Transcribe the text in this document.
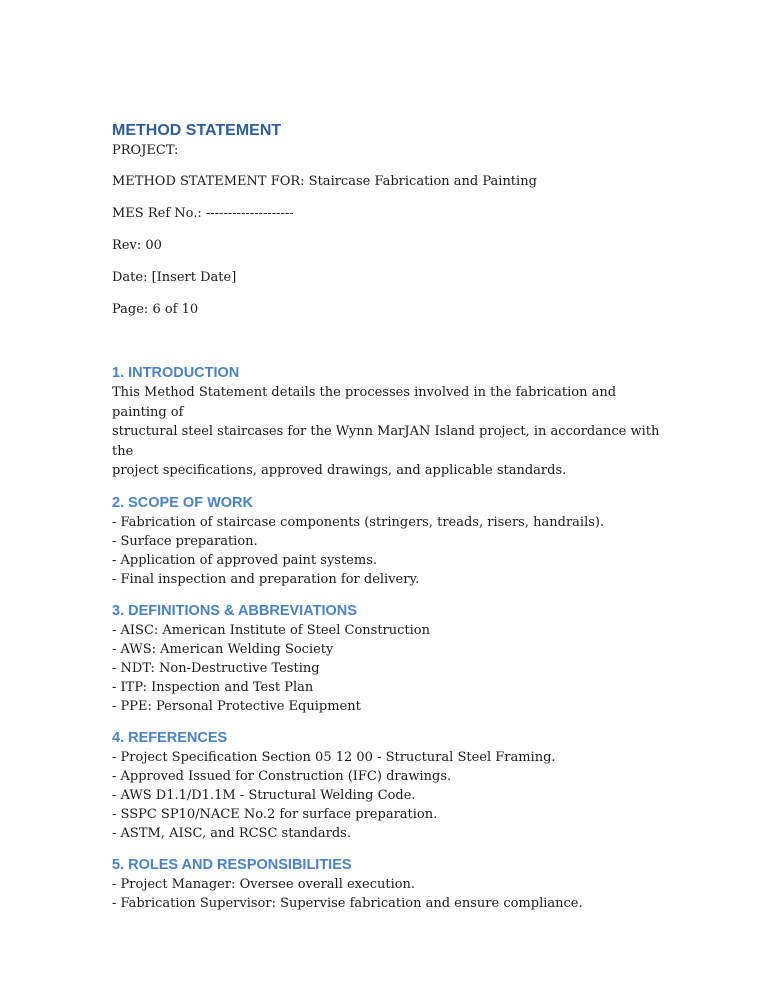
METHOD STATEMENT

PROJECT:

METHOD STATEMENT FOR: Staircase Fabrication and Painting

MES Ref No.: --------------------

Rev: 00

Date: [Insert Date]

Page: 6 of 10

1. INTRODUCTION

This Method Statement details the processes involved in the fabrication and painting of
structural steel staircases for the Wynn MarJAN Island project, in accordance with the
project specifications, approved drawings, and applicable standards.

2. SCOPE OF WORK
- Fabrication of staircase components (stringers, treads, risers, handrails).
- Surface preparation.
- Application of approved paint systems.
- Final inspection and preparation for delivery.
3. DEFINITIONS & ABBREVIATIONS
- AISC: American Institute of Steel Construction
- AWS: American Welding Society
- NDT: Non-Destructive Testing
- ITP: Inspection and Test Plan
- PPE: Personal Protective Equipment
4. REFERENCES
- Project Specification Section 05 12 00 - Structural Steel Framing.
- Approved Issued for Construction (IFC) drawings.
- AWS D1.1/D1.1M - Structural Welding Code.
- SSPC SP10/NACE No.2 for surface preparation.
- ASTM, AISC, and RCSC standards.
5. ROLES AND RESPONSIBILITIES
- Project Manager: Oversee overall execution.
- Fabrication Supervisor: Supervise fabrication and ensure compliance.
